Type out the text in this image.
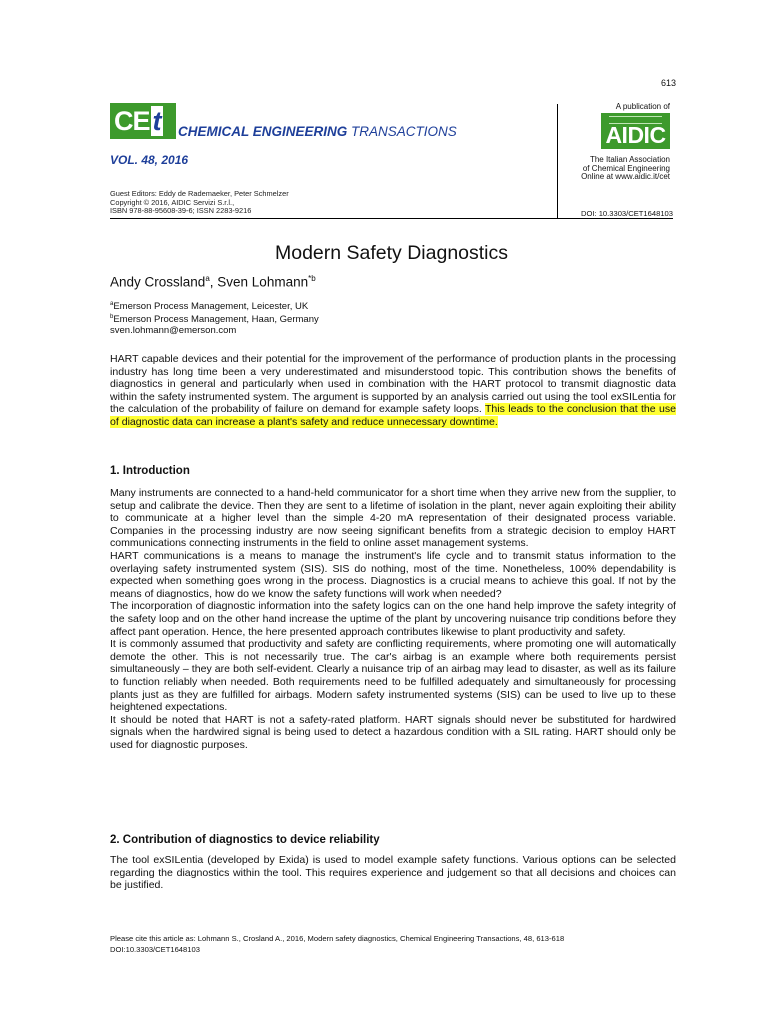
613
CE t	CHEMICAL ENGINEERING TRANSACTIONS
VOL. 48, 2016
Guest Editors: Eddy de Rademaeker, Peter Schmelzer
Copyright © 2016, AIDIC Servizi S.r.l.,
ISBN 978-88-95608-39-6; ISSN 2283-9216
A publication of
AIDIC
The Italian Association
of Chemical Engineering
Online at www.aidic.it/cet
DOI: 10.3303/CET1648103
Modern Safety Diagnostics
Andy Crossland$^a$, Sven Lohmann$^{*b}$
$^a$Emerson Process Management, Leicester, UK
$^b$Emerson Process Management, Haan, Germany
sven.lohmann@emerson.com

HART capable devices and their potential for the improvement of the performance of production plants in the processing industry has long time been a very underestimated and misunderstood topic. This contribution shows the benefits of diagnostics in general and particularly when used in combination with the HART protocol to transmit diagnostic data within the safety instrumented system. The argument is supported by an analysis carried out using the tool exSILentia for the calculation of the probability of failure on demand for example safety loops. This leads to the conclusion that the use of diagnostic data can increase a plant's safety and reduce unnecessary downtime.

1. Introduction

Many instruments are connected to a hand-held communicator for a short time when they arrive new from the supplier, to setup and calibrate the device. Then they are sent to a lifetime of isolation in the plant, never again exploiting their ability to communicate at a higher level than the simple 4-20 mA representation of their designated process variable. Companies in the processing industry are now seeing significant benefits from a strategic decision to employ HART communications connecting instruments in the field to online asset management systems.

HART communications is a means to manage the instrument's life cycle and to transmit status information to the overlaying safety instrumented system (SIS). SIS do nothing, most of the time. Nonetheless, 100% dependability is expected when something goes wrong in the process. Diagnostics is a crucial means to achieve this goal. If not by the means of diagnostics, how do we know the safety functions will work when needed?

The incorporation of diagnostic information into the safety logics can on the one hand help improve the safety integrity of the safety loop and on the other hand increase the uptime of the plant by uncovering nuisance trip conditions before they affect pant operation. Hence, the here presented approach contributes likewise to plant productivity and safety.

It is commonly assumed that productivity and safety are conflicting requirements, where promoting one will automatically demote the other. This is not necessarily true. The car's airbag is an example where both requirements persist simultaneously – they are both self-evident. Clearly a nuisance trip of an airbag may lead to disaster, as well as its failure to function reliably when needed. Both requirements need to be fulfilled adequately and simultaneously for processing plants just as they are fulfilled for airbags. Modern safety instrumented systems (SIS) can be used to live up to these heightened expectations.

It should be noted that HART is not a safety-rated platform. HART signals should never be substituted for hardwired signals when the hardwired signal is being used to detect a hazardous condition with a SIL rating. HART should only be used for diagnostic purposes.

2. Contribution of diagnostics to device reliability

The tool exSILentia (developed by Exida) is used to model example safety functions. Various options can be selected regarding the diagnostics within the tool. This requires experience and judgement so that all decisions and choices can be justified.

Please cite this article as: Lohmann S., Crosland A., 2016, Modern safety diagnostics, Chemical Engineering Transactions, 48, 613-618
DOI:10.3303/CET1648103
